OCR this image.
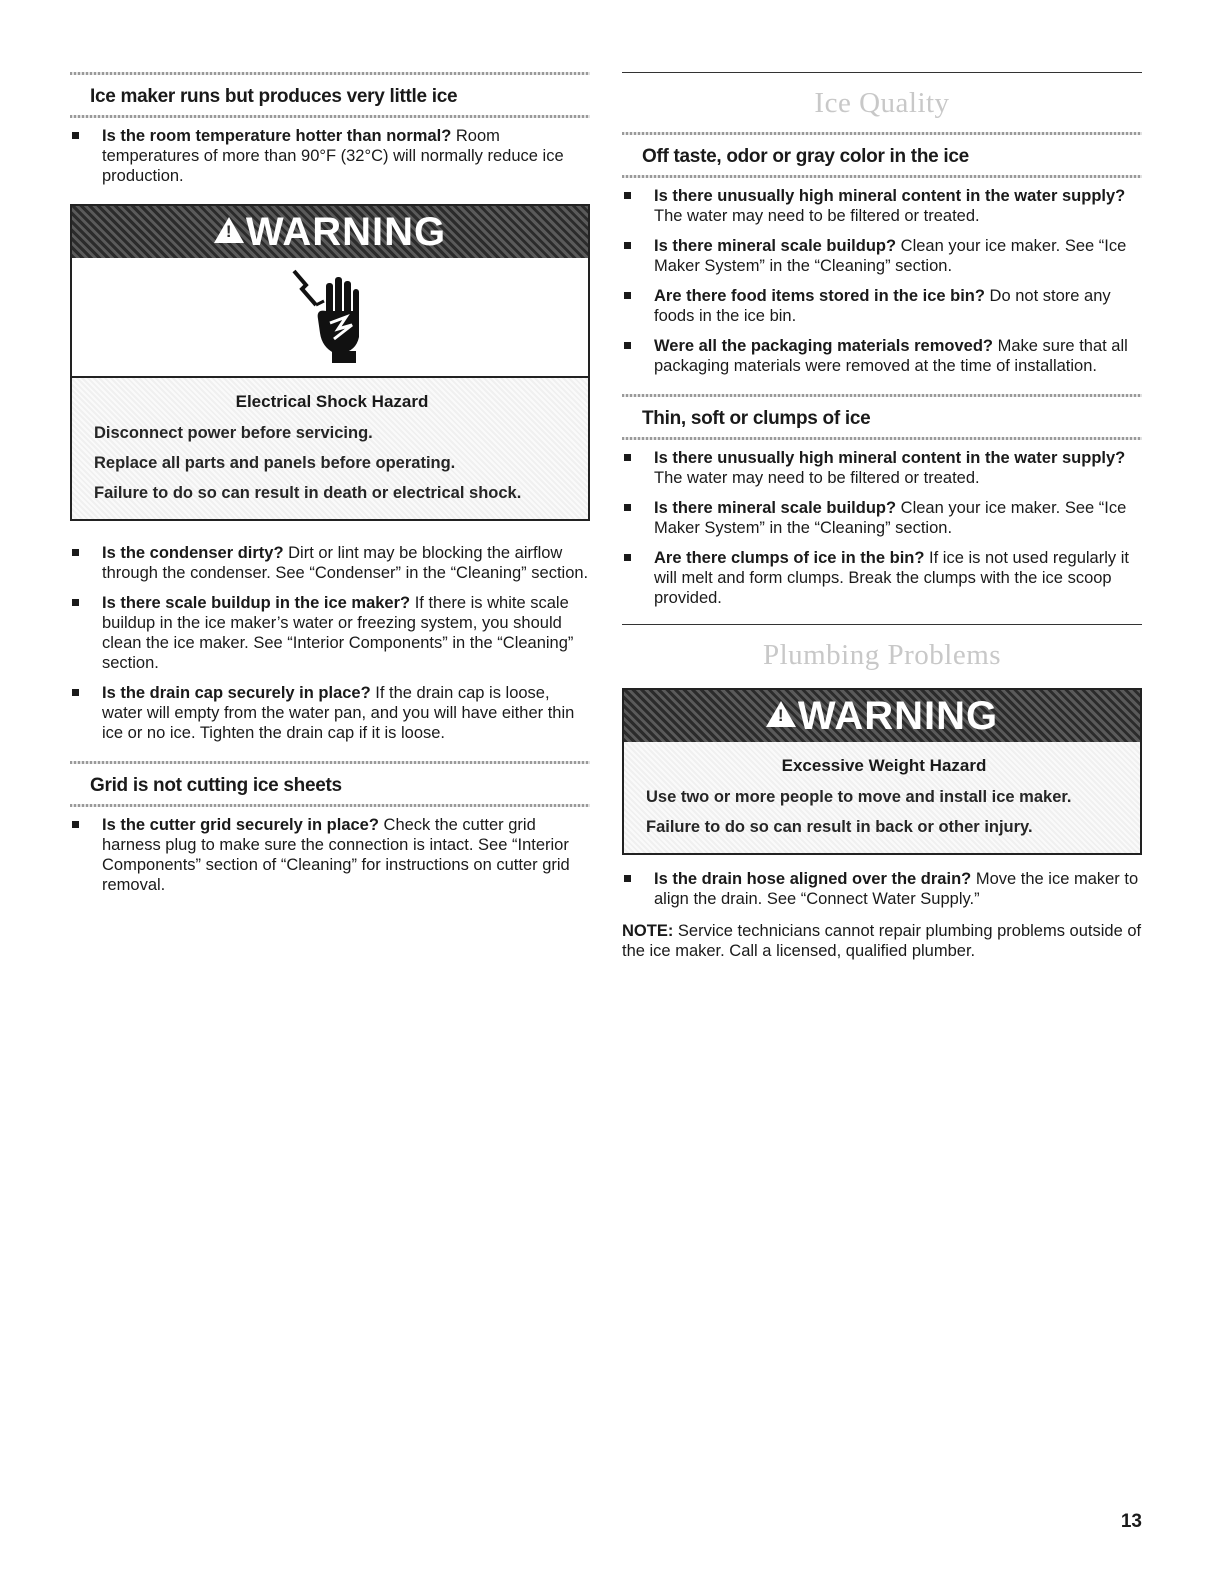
Ice maker runs but produces very little ice
Is the room temperature hotter than normal? Room temperatures of more than 90°F (32°C) will normally reduce ice production.
!
WARNING
Electrical Shock Hazard

Disconnect power before servicing.

Replace all parts and panels before operating.

Failure to do so can result in death or electrical shock.

Is the condenser dirty? Dirt or lint may be blocking the airflow through the condenser. See “Condenser” in the “Cleaning” section.
Is there scale buildup in the ice maker? If there is white scale buildup in the ice maker’s water or freezing system, you should clean the ice maker. See “Interior Components” in the “Cleaning” section.
Is the drain cap securely in place? If the drain cap is loose, water will empty from the water pan, and you will have either thin ice or no ice. Tighten the drain cap if it is loose.
Grid is not cutting ice sheets
Is the cutter grid securely in place? Check the cutter grid harness plug to make sure the connection is intact. See “Interior Components” section of “Cleaning” for instructions on cutter grid removal.
Ice Quality
Off taste, odor or gray color in the ice
Is there unusually high mineral content in the water supply? The water may need to be filtered or treated.
Is there mineral scale buildup? Clean your ice maker. See “Ice Maker System” in the “Cleaning” section.
Are there food items stored in the ice bin? Do not store any foods in the ice bin.
Were all the packaging materials removed? Make sure that all packaging materials were removed at the time of installation.
Thin, soft or clumps of ice
Is there unusually high mineral content in the water supply? The water may need to be filtered or treated.
Is there mineral scale buildup? Clean your ice maker. See “Ice Maker System” in the “Cleaning” section.
Are there clumps of ice in the bin? If ice is not used regularly it will melt and form clumps. Break the clumps with the ice scoop provided.
Plumbing Problems
!
WARNING
Excessive Weight Hazard

Use two or more people to move and install ice maker.

Failure to do so can result in back or other injury.

Is the drain hose aligned over the drain? Move the ice maker to align the drain. See “Connect Water Supply.”
NOTE: Service technicians cannot repair plumbing problems outside of the ice maker. Call a licensed, qualified plumber.
13
